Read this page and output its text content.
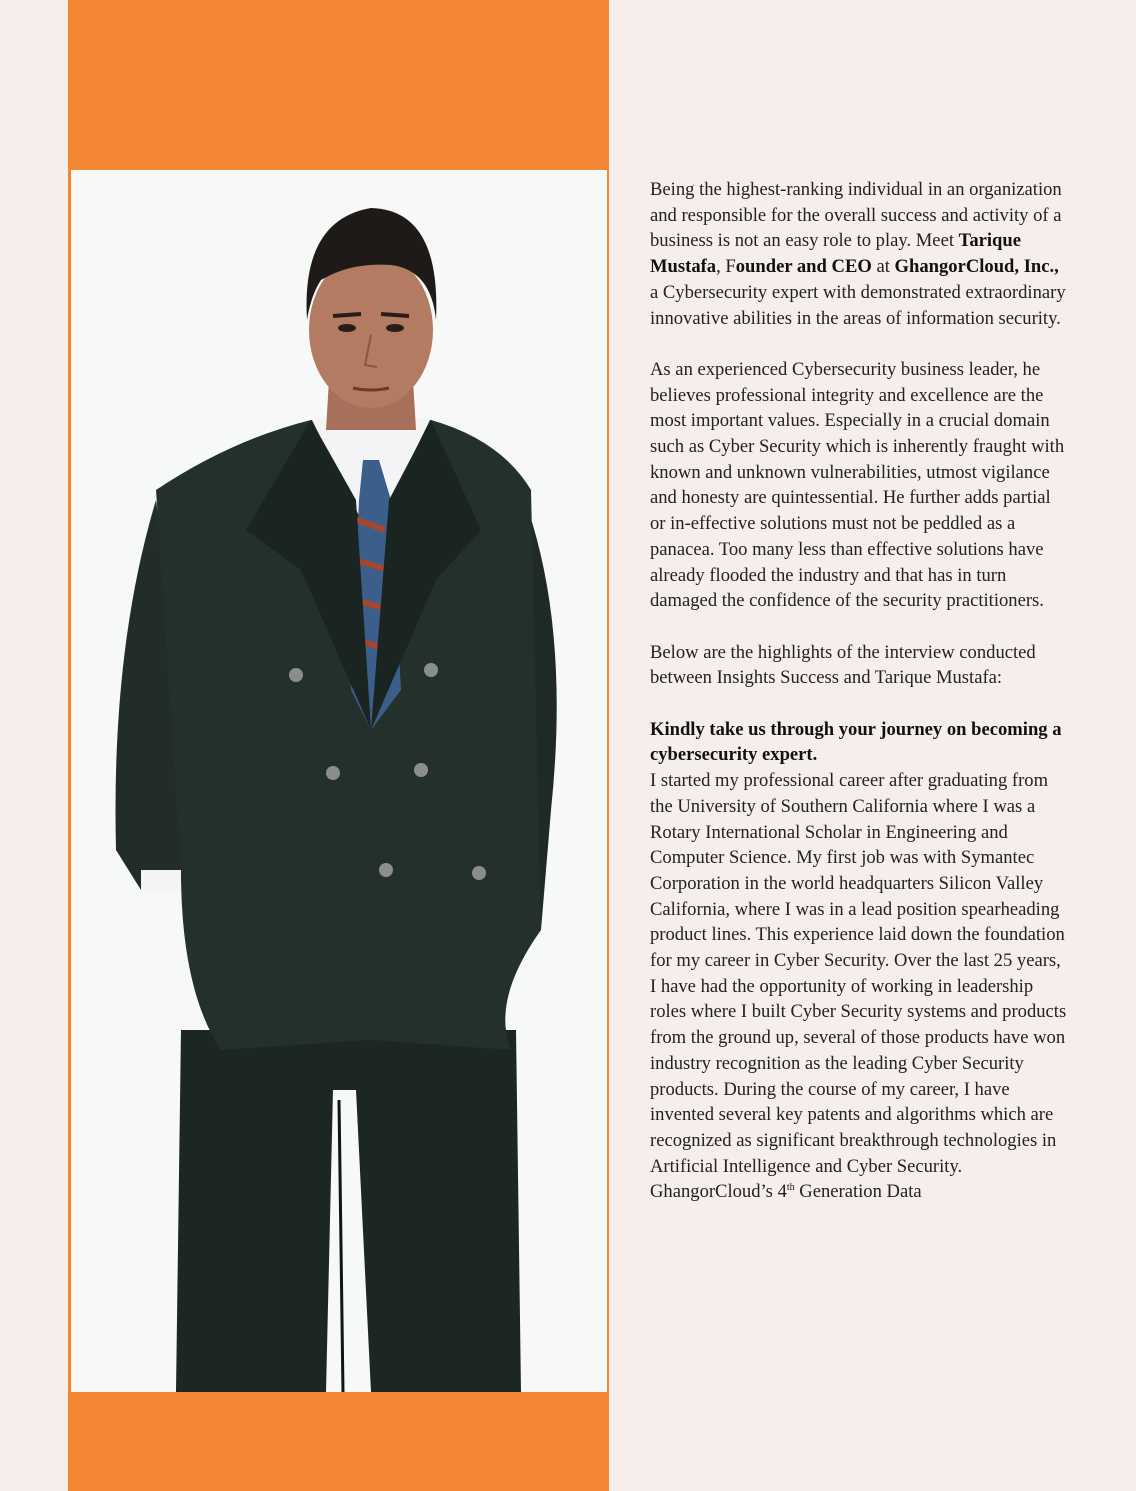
Being the highest-ranking individual in an organization and responsible for the overall success and activity of a business is not an easy role to play. Meet Tarique Mustafa, Founder and CEO at GhangorCloud, Inc., a Cybersecurity expert with demonstrated extraordinary innovative abilities in the areas of information security.

As an experienced Cybersecurity business leader, he believes professional integrity and excellence are the most important values. Especially in a crucial domain such as Cyber Security which is inherently fraught with known and unknown vulnerabilities, utmost vigilance and honesty are quintessential. He further adds partial or in-effective solutions must not be peddled as a panacea. Too many less than effective solutions have already flooded the industry and that has in turn damaged the confidence of the security practitioners.

Below are the highlights of the interview conducted between Insights Success and Tarique Mustafa:

Kindly take us through your journey on becoming a cybersecurity expert.

I started my professional career after graduating from the University of Southern California where I was a Rotary International Scholar in Engineering and Computer Science. My first job was with Symantec Corporation in the world headquarters Silicon Valley California, where I was in a lead position spearheading product lines. This experience laid down the foundation for my career in Cyber Security. Over the last 25 years, I have had the opportunity of working in leadership roles where I built Cyber Security systems and products from the ground up, several of those products have won industry recognition as the leading Cyber Security products. During the course of my career, I have invented several key patents and algorithms which are recognized as significant breakthrough technologies in Artificial Intelligence and Cyber Security. GhangorCloud’s 4th Generation Data
